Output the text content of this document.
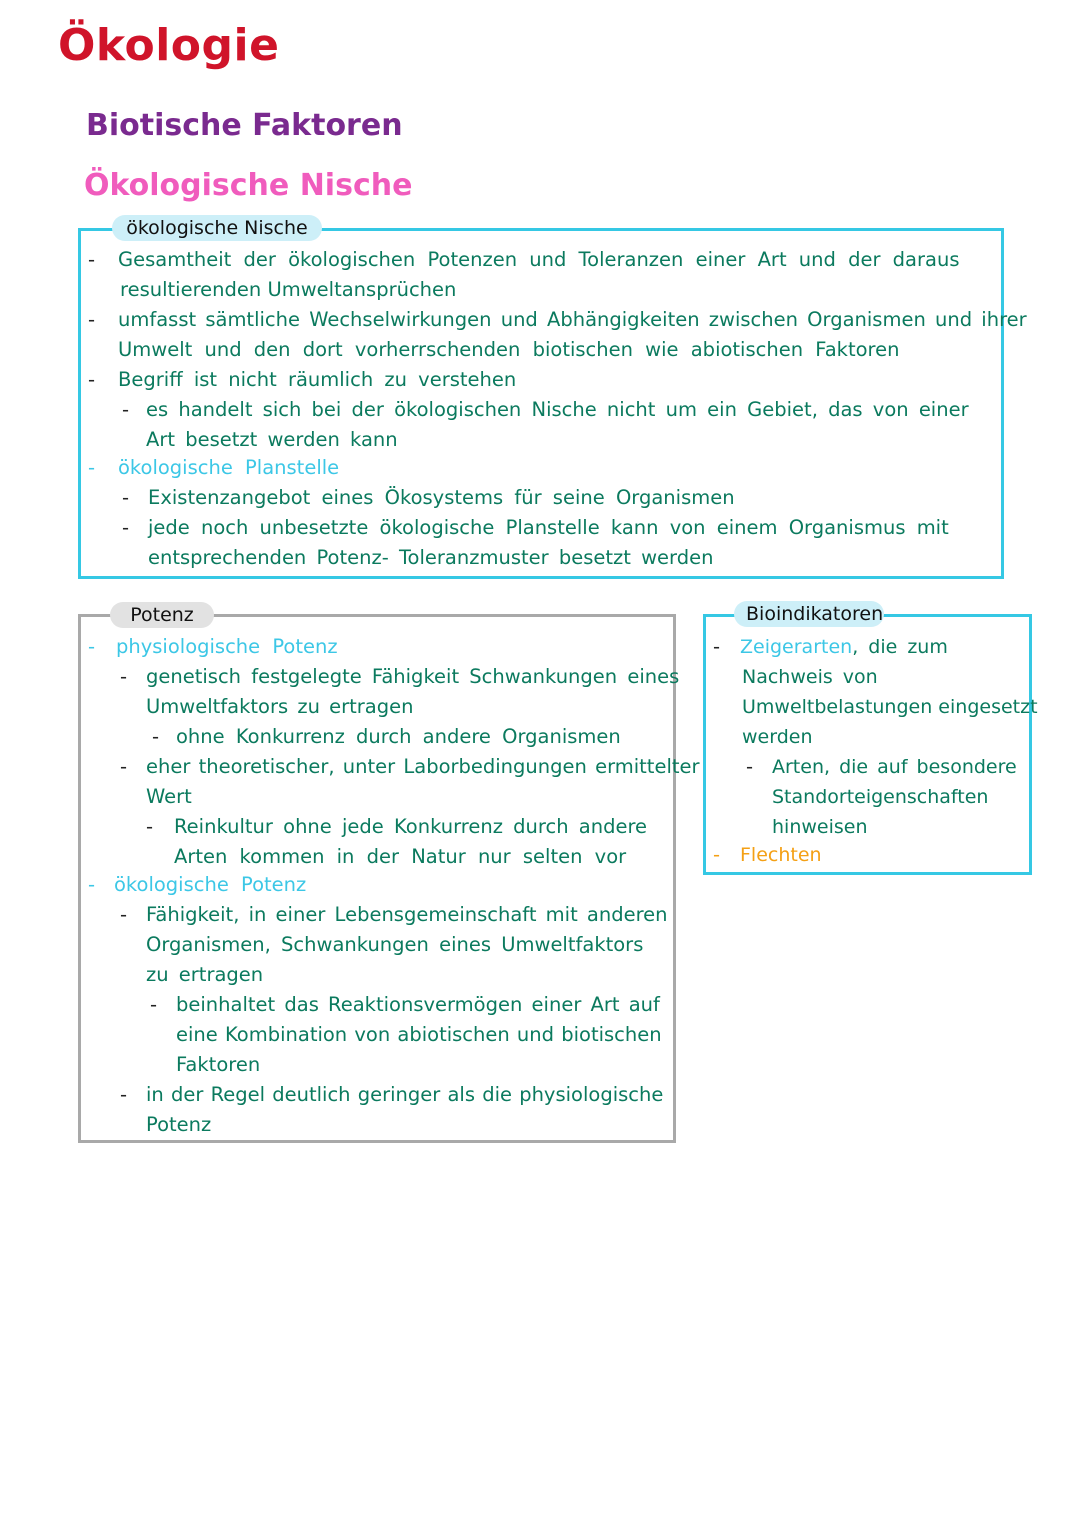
Ökologie
Biotische Faktoren
Ökologische Nische
ökologische Nische
- Gesamtheit der ökologischen Potenzen und Toleranzen einer Art und der daraus
resultierenden Umweltansprüchen
- umfasst sämtliche Wechselwirkungen und Abhängigkeiten zwischen Organismen und ihrer
Umwelt und den dort vorherrschenden biotischen wie abiotischen Faktoren
- Begriff ist nicht räumlich zu verstehen
- es handelt sich bei der ökologischen Nische nicht um ein Gebiet, das von einer
Art besetzt werden kann
- ökologische Planstelle
- Existenzangebot eines Ökosystems für seine Organismen
- jede noch unbesetzte ökologische Planstelle kann von einem Organismus mit
entsprechenden Potenz- Toleranzmuster besetzt werden
Potenz
- physiologische Potenz
- genetisch festgelegte Fähigkeit Schwankungen eines
Umweltfaktors zu ertragen
- ohne Konkurrenz durch andere Organismen
- eher theoretischer, unter Laborbedingungen ermittelter
Wert
- Reinkultur ohne jede Konkurrenz durch andere
Arten kommen in der Natur nur selten vor
- ökologische Potenz
- Fähigkeit, in einer Lebensgemeinschaft mit anderen
Organismen, Schwankungen eines Umweltfaktors
zu ertragen
- beinhaltet das Reaktionsvermögen einer Art auf
eine Kombination von abiotischen und biotischen
Faktoren
- in der Regel deutlich geringer als die physiologische
Potenz
Bioindikatoren
- Zeigerarten, die zum
Nachweis von
Umweltbelastungen eingesetzt
werden
- Arten, die auf besondere
Standorteigenschaften
hinweisen
- Flechten
